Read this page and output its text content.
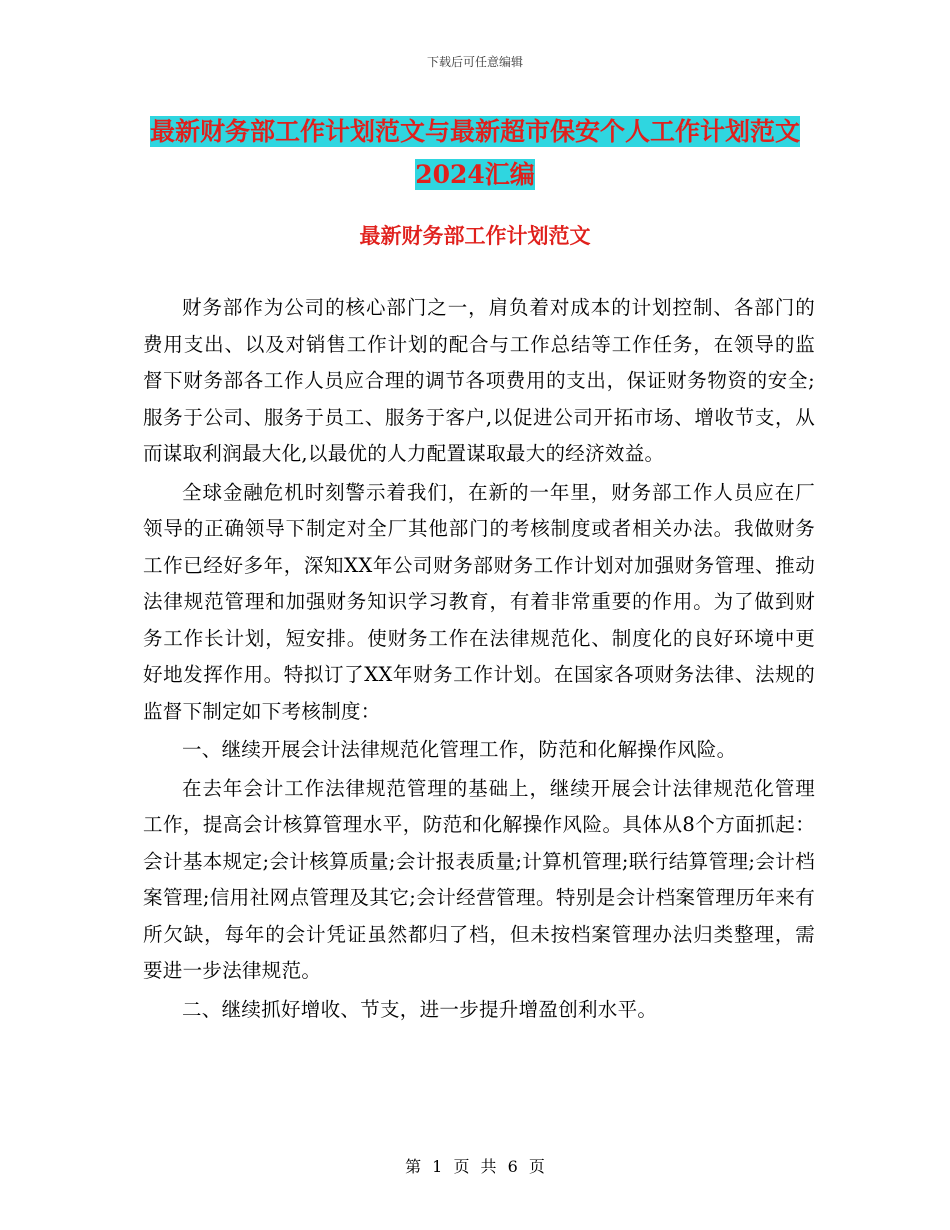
下载后可任意编辑
最新财务部工作计划范文与最新超市保安个人工作计划范文2024汇编
最新财务部工作计划范文

财务部作为公司的核心部门之一，肩负着对成本的计划控制、各部门的费用支出、以及对销售工作计划的配合与工作总结等工作任务，在领导的监督下财务部各工作人员应合理的调节各项费用的支出，保证财务物资的安全;服务于公司、服务于员工、服务于客户,以促进公司开拓市场、增收节支，从而谋取利润最大化,以最优的人力配置谋取最大的经济效益。

全球金融危机时刻警示着我们，在新的一年里，财务部工作人员应在厂领导的正确领导下制定对全厂其他部门的考核制度或者相关办法。我做财务工作已经好多年，深知XX年公司财务部财务工作计划对加强财务管理、推动法律规范管理和加强财务知识学习教育，有着非常重要的作用。为了做到财务工作长计划，短安排。使财务工作在法律规范化、制度化的良好环境中更好地发挥作用。特拟订了XX年财务工作计划。在国家各项财务法律、法规的监督下制定如下考核制度：

一、继续开展会计法律规范化管理工作，防范和化解操作风险。

在去年会计工作法律规范管理的基础上，继续开展会计法律规范化管理工作，提高会计核算管理水平，防范和化解操作风险。具体从8个方面抓起：会计基本规定;会计核算质量;会计报表质量;计算机管理;联行结算管理;会计档案管理;信用社网点管理及其它;会计经营管理。特别是会计档案管理历年来有所欠缺，每年的会计凭证虽然都归了档，但未按档案管理办法归类整理，需要进一步法律规范。

二、继续抓好增收、节支，进一步提升增盈创利水平。

第 1 页 共 6 页
